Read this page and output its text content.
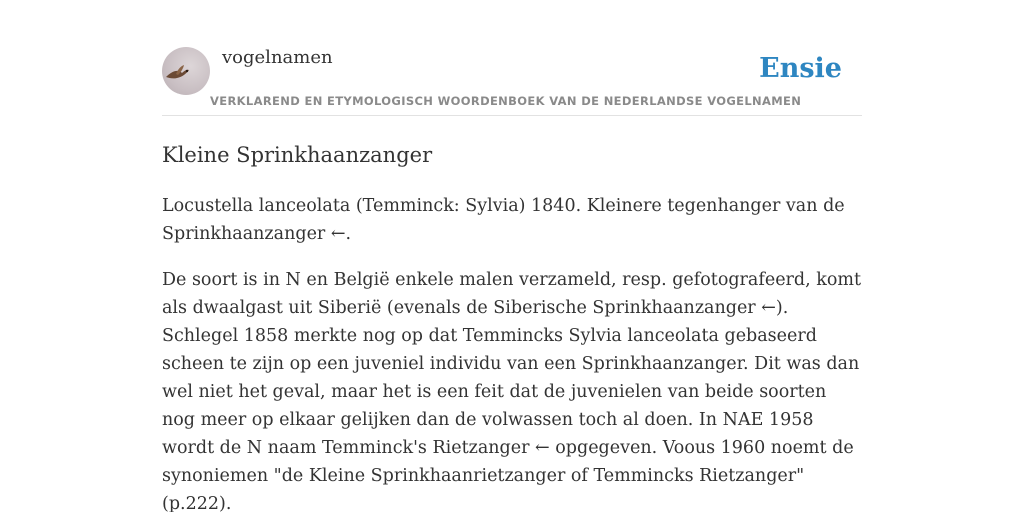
vogelnamen	Ensie
VERKLAREND EN ETYMOLOGISCH WOORDENBOEK VAN DE NEDERLANDSE VOGELNAMEN
Kleine Sprinkhaanzanger

Locustella lanceolata (Temminck: Sylvia) 1840. Kleinere tegenhanger van de Sprinkhaanzanger ←.

De soort is in N en België enkele malen verzameld, resp. gefotografeerd, komt als dwaalgast uit Siberië (evenals de Siberische Sprinkhaanzanger ←). Schlegel 1858 merkte nog op dat Temmincks Sylvia lanceolata gebaseerd scheen te zijn op een juveniel individu van een Sprinkhaanzanger. Dit was dan wel niet het geval, maar het is een feit dat de juvenielen van beide soorten nog meer op elkaar gelijken dan de volwassen toch al doen. In NAE 1958 wordt de N naam Temminck's Rietzanger ← opgegeven. Voous 1960 noemt de synoniemen "de Kleine Sprinkhaanrietzanger of Temmincks Rietzanger" (p.222).
